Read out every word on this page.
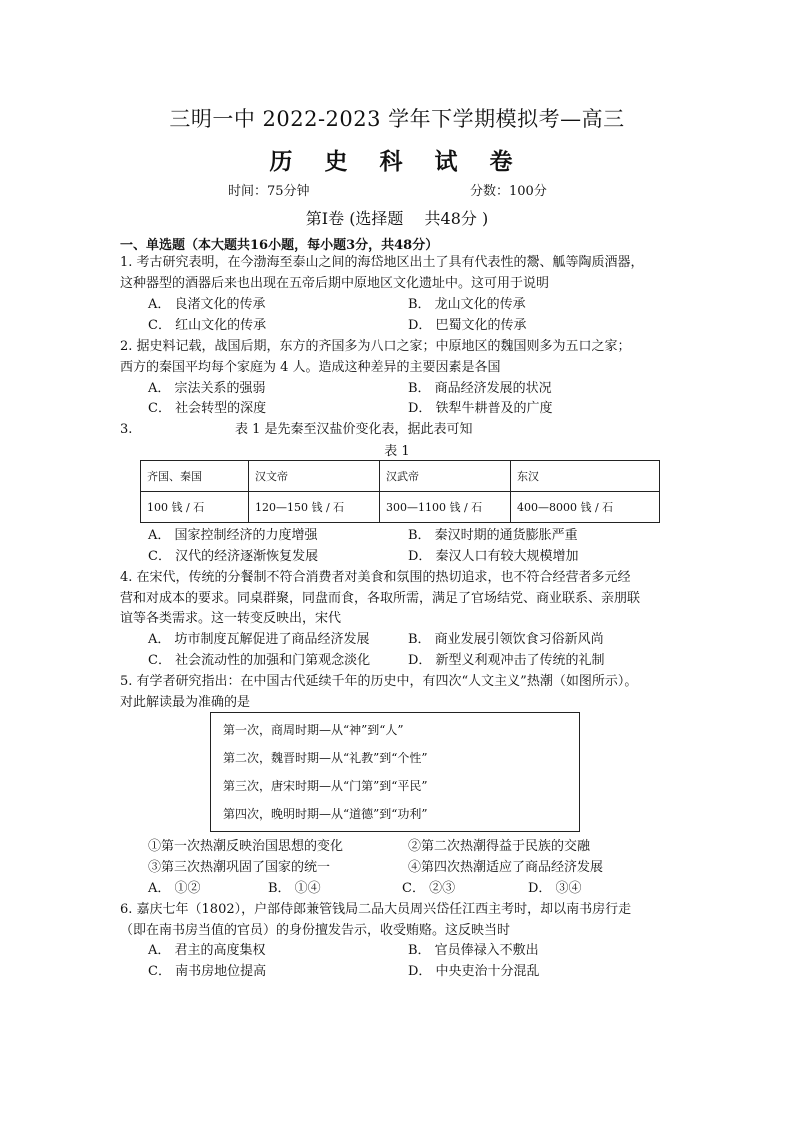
三明一中 2022-2023 学年下学期模拟考—高三
历 史 科 试 卷
时间：75分钟	分数：100分
第Ⅰ卷 (选择题　 共48分 )
一、单选题（本大题共16小题，每小题3分，共48分）
1. 考古研究表明，在今渤海至泰山之间的海岱地区出土了具有代表性的鬶、觚等陶质酒器，
这种器型的酒器后来也出现在五帝后期中原地区文化遗址中。这可用于说明
A． 良渚文化的传承	B． 龙山文化的传承
C． 红山文化的传承	D． 巴蜀文化的传承
2. 据史料记载，战国后期，东方的齐国多为八口之家；中原地区的魏国则多为五口之家；
西方的秦国平均每个家庭为 4 人。造成这种差异的主要因素是各国
A． 宗法关系的强弱	B． 商品经济发展的状况
C． 社会转型的深度	D． 铁犁牛耕普及的广度
3.	表 1 是先秦至汉盐价变化表，据此表可知
表 1
齐国、秦国	汉文帝	汉武帝	东汉
100 钱 / 石	120—150 钱 / 石	300—1100 钱 / 石	400—8000 钱 / 石
A． 国家控制经济的力度增强	B． 秦汉时期的通货膨胀严重
C． 汉代的经济逐渐恢复发展	D． 秦汉人口有较大规模增加
4. 在宋代，传统的分餐制不符合消费者对美食和氛围的热切追求，也不符合经营者多元经
营和对成本的要求。同桌群聚，同盘而食，各取所需，满足了官场结党、商业联系、亲朋联
谊等各类需求。这一转变反映出，宋代
A． 坊市制度瓦解促进了商品经济发展	B． 商业发展引领饮食习俗新风尚
C． 社会流动性的加强和门第观念淡化	D． 新型义利观冲击了传统的礼制
5. 有学者研究指出：在中国古代延续千年的历史中，有四次“人文主义”热潮（如图所示）。
对此解读最为准确的是
第一次，商周时期—从“神”到“人”
第二次，魏晋时期—从“礼教”到“个性”
第三次，唐宋时期—从“门第”到“平民”
第四次，晚明时期—从“道德”到“功利”
①第一次热潮反映治国思想的变化	②第二次热潮得益于民族的交融
③第三次热潮巩固了国家的统一	④第四次热潮适应了商品经济发展
A． ①②	B． ①④	C． ②③	D． ③④
6. 嘉庆七年（1802），户部侍郎兼管钱局二品大员周兴岱任江西主考时，却以南书房行走
（即在南书房当值的官员）的身份擅发告示，收受贿赂。这反映当时
A． 君主的高度集权	B． 官员俸禄入不敷出
C． 南书房地位提高	D． 中央吏治十分混乱
